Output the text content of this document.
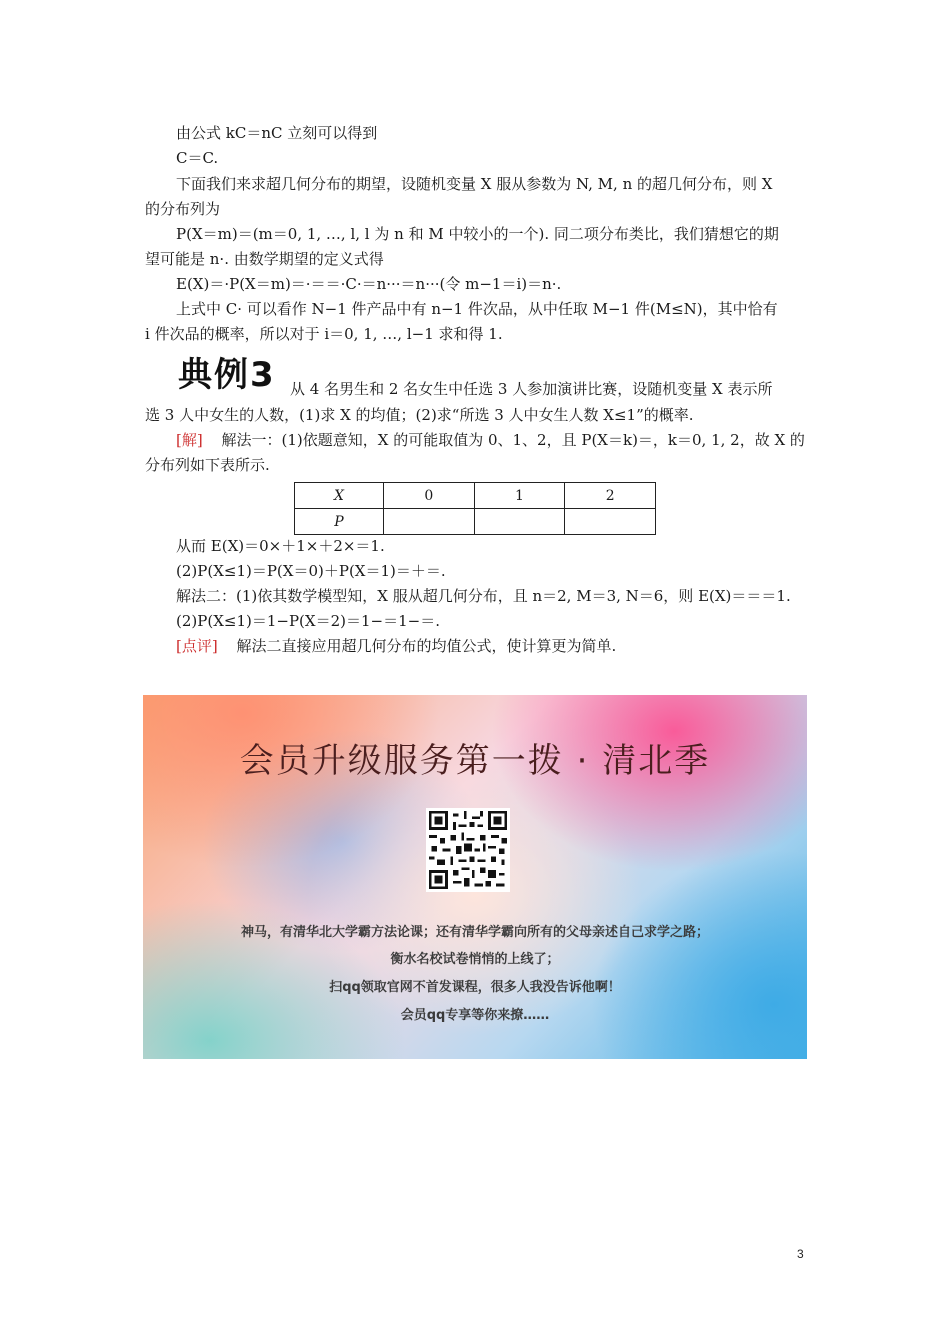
由公式 kC＝nC 立刻可以得到
C＝C.
下面我们来求超几何分布的期望，设随机变量 X 服从参数为 N, M, n 的超几何分布，则 X
的分布列为
P(X＝m)＝(m＝0, 1, …, l, l 为 n 和 M 中较小的一个). 同二项分布类比，我们猜想它的期
望可能是 n·. 由数学期望的定义式得
E(X)＝·P(X＝m)＝·＝＝·C·＝n···＝n···(令 m−1＝i)＝n·.
上式中 C· 可以看作 N−1 件产品中有 n−1 件次品，从中任取 M−1 件(M≤N)，其中恰有
i 件次品的概率，所以对于 i＝0, 1, …, l−1 求和得 1.
典例3 从 4 名男生和 2 名女生中任选 3 人参加演讲比赛，设随机变量 X 表示所
选 3 人中女生的人数，(1)求 X 的均值；(2)求“所选 3 人中女生人数 X≤1”的概率.
[解] 解法一：(1)依题意知，X 的可能取值为 0、1、2，且 P(X＝k)＝，k＝0, 1, 2，故 X 的
分布列如下表所示.
X	0	1	2
P			
从而 E(X)＝0×＋1×＋2×＝1.
(2)P(X≤1)＝P(X＝0)＋P(X＝1)＝＋＝.
解法二：(1)依其数学模型知，X 服从超几何分布，且 n＝2, M＝3, N＝6，则 E(X)＝＝＝1.
(2)P(X≤1)＝1−P(X＝2)＝1−＝1−＝.
[点评] 解法二直接应用超几何分布的均值公式，使计算更为简单.
会员升级服务第一拨 · 清北季
神马，有清华北大学霸方法论课；还有清华学霸向所有的父母亲述自己求学之路；
衡水名校试卷悄悄的上线了；
扫qq领取官网不首发课程，很多人我没告诉他啊！
会员qq专享等你来撩……
3
